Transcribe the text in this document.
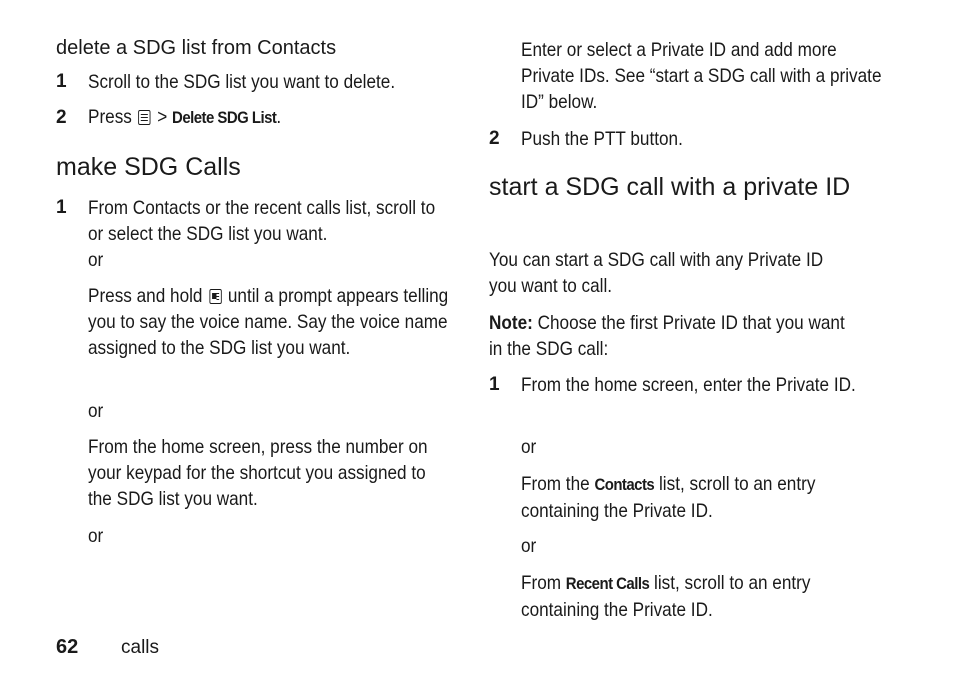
delete a SDG list from Contacts
1 Scroll to the SDG list you want to delete.
2 Press > Delete SDG List.
make SDG Calls
1 From Contacts or the recent calls list, scroll to or select the SDG list you want.
or
Press and hold until a prompt appears telling you to say the voice name. Say the voice name assigned to the SDG list you want.
or
From the home screen, press the number on your keypad for the shortcut you assigned to the SDG list you want.
or
Enter or select a Private ID and add more Private IDs. See “start a SDG call with a private ID” below.
2 Push the PTT button.
start a SDG call with a private ID
You can start a SDG call with any Private ID you want to call.
Note: Choose the first Private ID that you want in the SDG call:
1 From the home screen, enter the Private ID.
or
From the Contacts list, scroll to an entry containing the Private ID.
or
From Recent Calls list, scroll to an entry containing the Private ID.
62 calls
